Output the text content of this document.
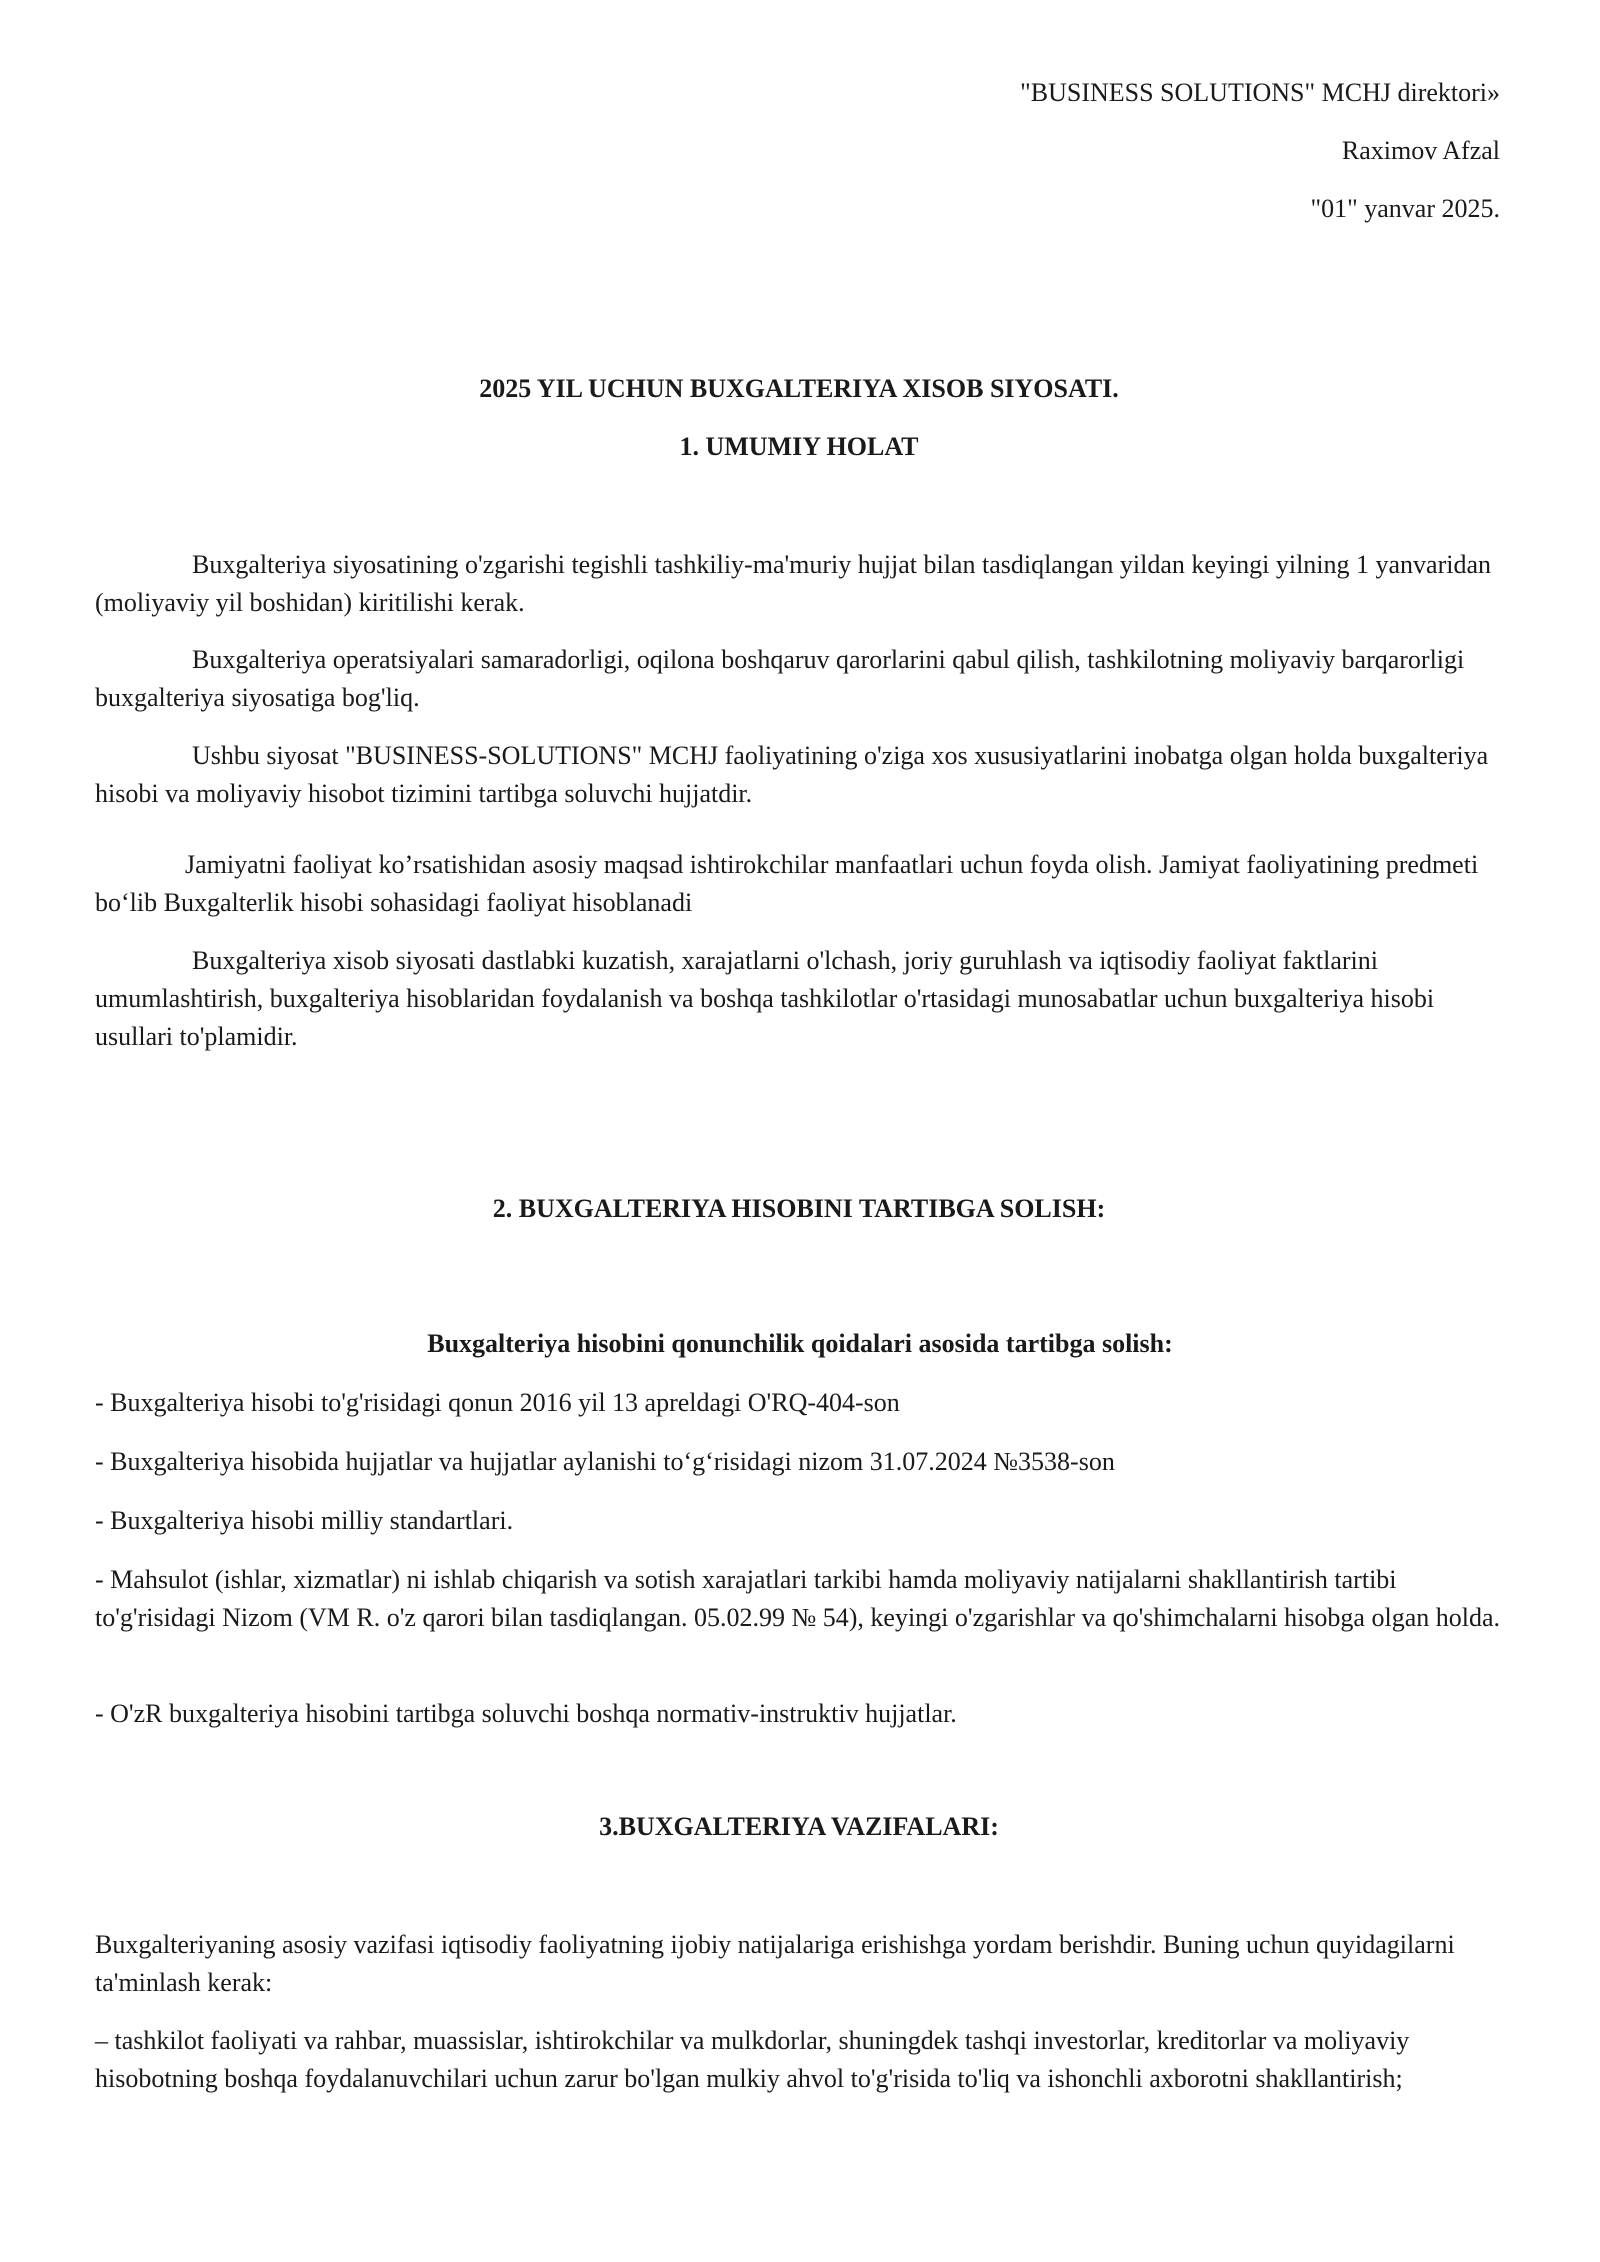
"BUSINESS SOLUTIONS" MCHJ direktori»

Raximov Afzal

"01" yanvar 2025.

2025 YIL UCHUN BUXGALTERIYA XISOB SIYOSATI.

1. UMUMIY HOLAT

Buxgalteriya siyosatining o'zgarishi tegishli tashkiliy-ma'muriy hujjat bilan tasdiqlangan yildan keyingi yilning 1 yanvaridan (moliyaviy yil boshidan) kiritilishi kerak.

Buxgalteriya operatsiyalari samaradorligi, oqilona boshqaruv qarorlarini qabul qilish, tashkilotning moliyaviy barqarorligi buxgalteriya siyosatiga bog'liq.

Ushbu siyosat "BUSINESS-SOLUTIONS" MCHJ faoliyatining o'ziga xos xususiyatlarini inobatga olgan holda buxgalteriya hisobi va moliyaviy hisobot tizimini tartibga soluvchi hujjatdir.

Jamiyatni faoliyat ko’rsatishidan asosiy maqsad ishtirokchilar manfaatlari uchun foyda olish. Jamiyat faoliyatining predmeti bo‘lib Buxgalterlik hisobi sohasidagi faoliyat hisoblanadi

Buxgalteriya xisob siyosati dastlabki kuzatish, xarajatlarni o'lchash, joriy guruhlash va iqtisodiy faoliyat faktlarini umumlashtirish, buxgalteriya hisoblaridan foydalanish va boshqa tashkilotlar o'rtasidagi munosabatlar uchun buxgalteriya hisobi usullari to'plamidir.

2. BUXGALTERIYA HISOBINI TARTIBGA SOLISH:

Buxgalteriya hisobini qonunchilik qoidalari asosida tartibga solish:

- Buxgalteriya hisobi to'g'risidagi qonun 2016 yil 13 apreldagi O'RQ-404-son

- Buxgalteriya hisobida hujjatlar va hujjatlar aylanishi to‘g‘risidagi nizom 31.07.2024 №3538-son

- Buxgalteriya hisobi milliy standartlari.

- Mahsulot (ishlar, xizmatlar) ni ishlab chiqarish va sotish xarajatlari tarkibi hamda moliyaviy natijalarni shakllantirish tartibi to'g'risidagi Nizom (VM R. o'z qarori bilan tasdiqlangan. 05.02.99 № 54), keyingi o'zgarishlar va qo'shimchalarni hisobga olgan holda.

- O'zR buxgalteriya hisobini tartibga soluvchi boshqa normativ-instruktiv hujjatlar.

3.BUXGALTERIYA VAZIFALARI:

Buxgalteriyaning asosiy vazifasi iqtisodiy faoliyatning ijobiy natijalariga erishishga yordam berishdir. Buning uchun quyidagilarni ta'minlash kerak:

– tashkilot faoliyati va rahbar, muassislar, ishtirokchilar va mulkdorlar, shuningdek tashqi investorlar, kreditorlar va moliyaviy hisobotning boshqa foydalanuvchilari uchun zarur bo'lgan mulkiy ahvol to'g'risida to'liq va ishonchli axborotni shakllantirish;
